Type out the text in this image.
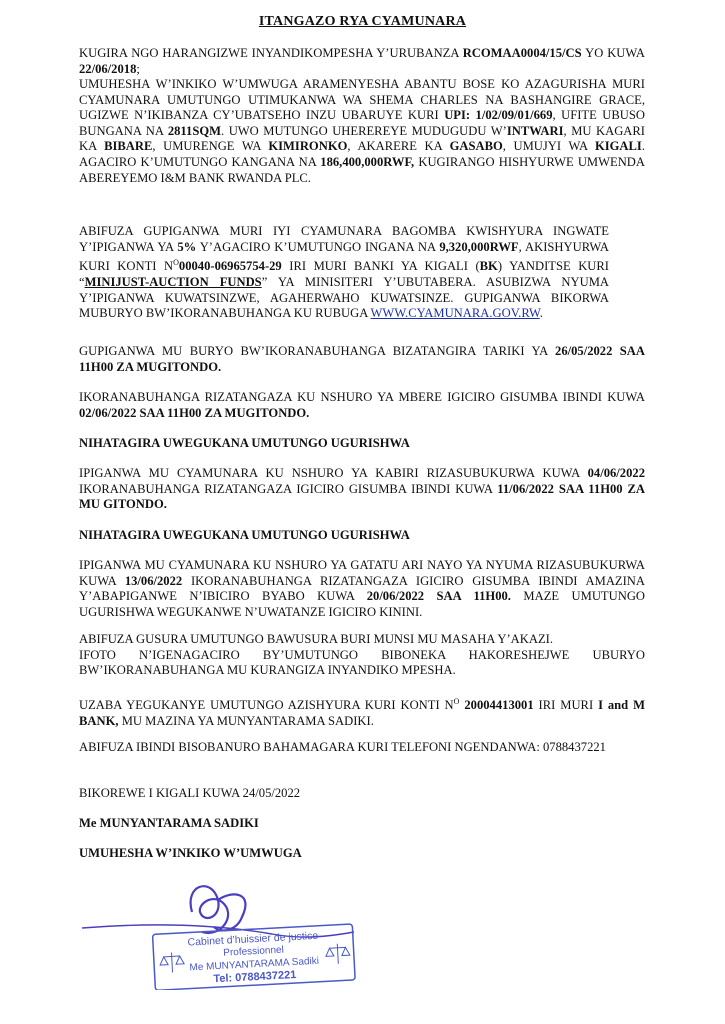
ITANGAZO RYA CYAMUNARA

KUGIRA NGO HARANGIZWE INYANDIKOMPESHA Y’URUBANZA RCOMAA0004/15/CS YO KUWA 22/06/2018;

UMUHESHA W’INKIKO W’UMWUGA ARAMENYESHA ABANTU BOSE KO AZAGURISHA MURI CYAMUNARA UMUTUNGO UTIMUKANWA WA SHEMA CHARLES NA BASHANGIRE GRACE, UGIZWE N’IKIBANZA CY’UBATSEHO INZU UBARUYE KURI UPI: 1/02/09/01/669, UFITE UBUSO BUNGANA NA 2811SQM. UWO MUTUNGO UHEREREYE MUDUGUDU W’INTWARI, MU KAGARI KA BIBARE, UMURENGE WA KIMIRONKO, AKARERE KA GASABO, UMUJYI WA KIGALI. AGACIRO K’UMUTUNGO KANGANA NA 186,400,000RWF, KUGIRANGO HISHYURWE UMWENDA ABEREYEMO I&M BANK RWANDA PLC.

ABIFUZA GUPIGANWA MURI IYI CYAMUNARA BAGOMBA KWISHYURA INGWATE Y’IPIGANWA YA 5% Y’AGACIRO K’UMUTUNGO INGANA NA 9,320,000RWF, AKISHYURWA KURI KONTI $N^O00040-06965754-29$ IRI MURI BANKI YA KIGALI (BK) YANDITSE KURI “MINIJUST-AUCTION FUNDS” YA MINISITERI Y’UBUTABERA. ASUBIZWA NYUMA Y’IPIGANWA KUWATSINZWE, AGAHERWAHO KUWATSINZE. GUPIGANWA BIKORWA MUBURYO BW’IKORANABUHANGA KU RUBUGA WWW.CYAMUNARA.GOV.RW.

GUPIGANWA MU BURYO BW’IKORANABUHANGA BIZATANGIRA TARIKI YA 26/05/2022 SAA 11H00 ZA MUGITONDO.

IKORANABUHANGA RIZATANGAZA KU NSHURO YA MBERE IGICIRO GISUMBA IBINDI KUWA 02/06/2022 SAA 11H00 ZA MUGITONDO.

NIHATAGIRA UWEGUKANA UMUTUNGO UGURISHWA

IPIGANWA MU CYAMUNARA KU NSHURO YA KABIRI RIZASUBUKURWA KUWA 04/06/2022 IKORANABUHANGA RIZATANGAZA IGICIRO GISUMBA IBINDI KUWA 11/06/2022 SAA 11H00 ZA MU GITONDO.

NIHATAGIRA UWEGUKANA UMUTUNGO UGURISHWA

IPIGANWA MU CYAMUNARA KU NSHURO YA GATATU ARI NAYO YA NYUMA RIZASUBUKURWA KUWA 13/06/2022 IKORANABUHANGA RIZATANGAZA IGICIRO GISUMBA IBINDI AMAZINA Y’ABAPIGANWE N’IBICIRO BYABO KUWA 20/06/2022 SAA 11H00. MAZE UMUTUNGO UGURISHWA WEGUKANWE N’UWATANZE IGICIRO KININI.

ABIFUZA GUSURA UMUTUNGO BAWUSURA BURI MUNSI MU MASAHA Y’AKAZI.
IFOTO N’IGENAGACIRO BY’UMUTUNGO BIBONEKA HAKORESHEJWE UBURYO BW’IKORANABUHANGA MU KURANGIZA INYANDIKO MPESHA.

UZABA YEGUKANYE UMUTUNGO AZISHYURA KURI KONTI $N^O$ 20004413001 IRI MURI I and M BANK, MU MAZINA YA MUNYANTARAMA SADIKI.

ABIFUZA IBINDI BISOBANURO BAHAMAGARA KURI TELEFONI NGENDANWA: 0788437221

BIKOREWE I KIGALI KUWA 24/05/2022

Me MUNYANTARAMA SADIKI

UMUHESHA W’INKIKO W’UMWUGA

Cabinet d’huissier de justice
Professionnel
Me MUNYANTARAMA Sadiki
Tel: 0788437221
